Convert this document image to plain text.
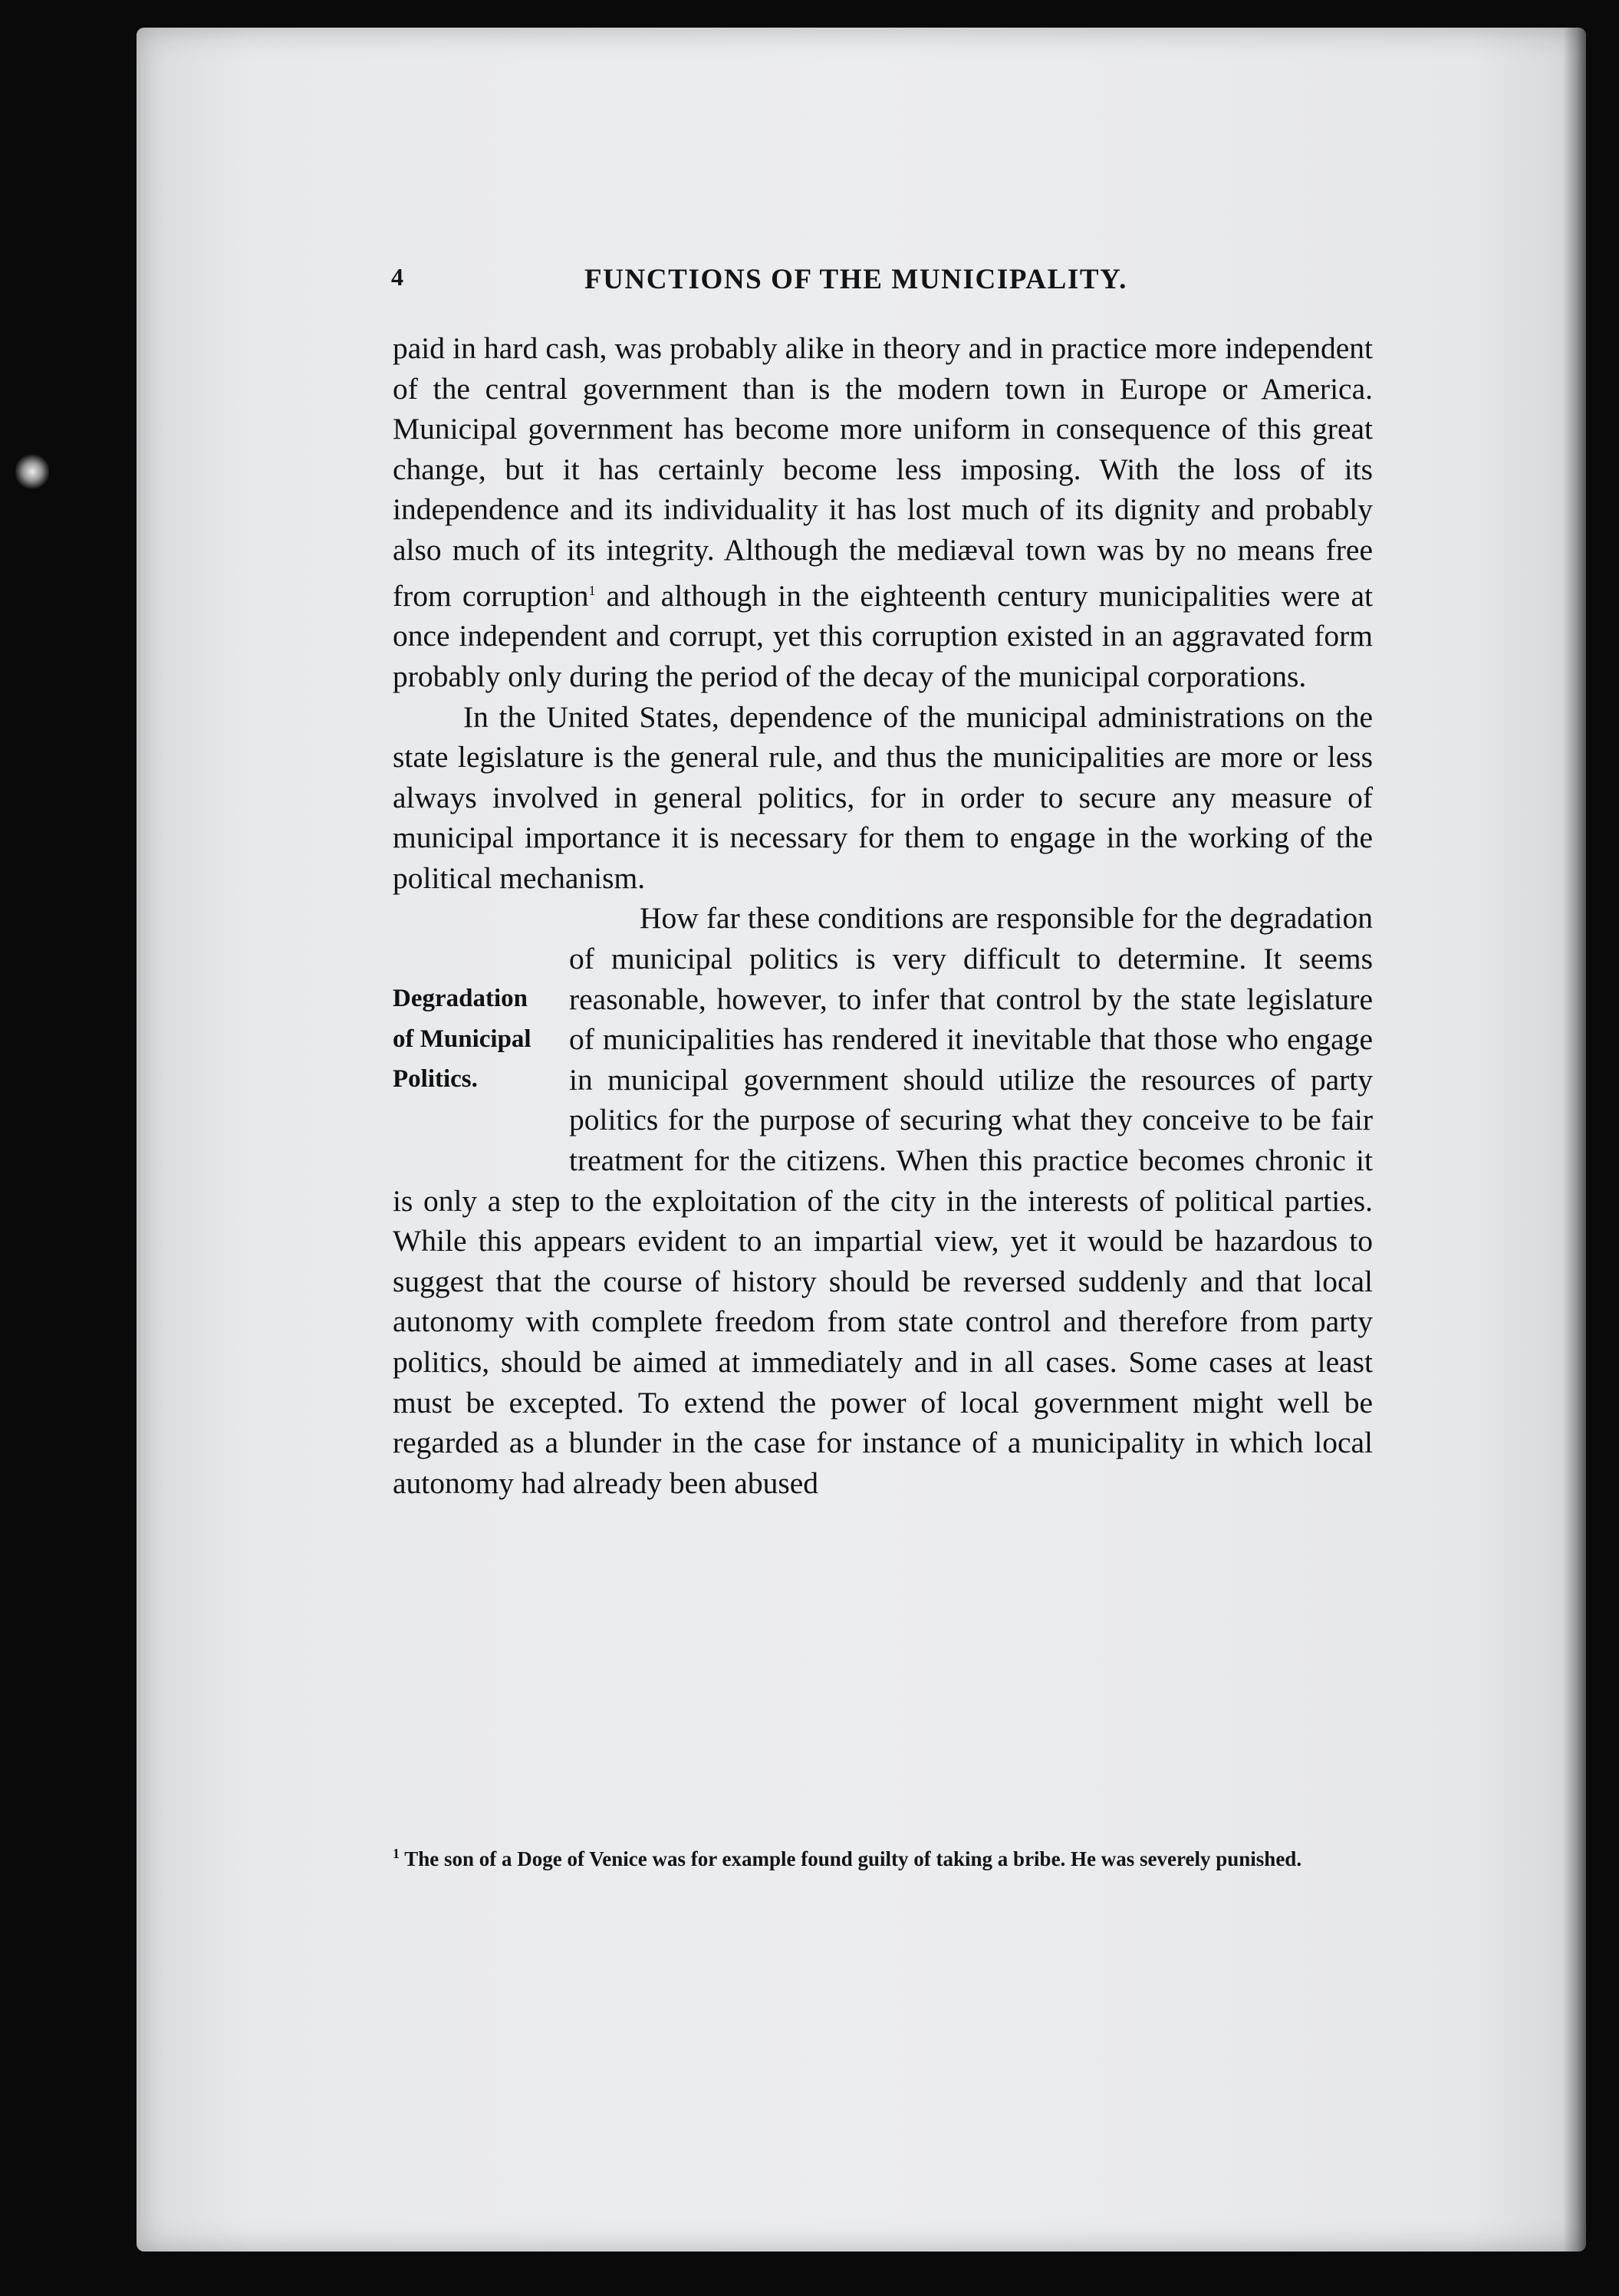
4	FUNCTIONS OF THE MUNICIPALITY.

paid in hard cash, was probably alike in theory and in practice more independent of the central government than is the modern town in Europe or America. Municipal government has become more uniform in consequence of this great change, but it has certainly become less imposing. With the loss of its independence and its individuality it has lost much of its dignity and probably also much of its integrity. Although the mediæval town was by no means free from corruption$^1$ and although in the eighteenth century municipalities were at once independent and corrupt, yet this corruption existed in an aggravated form probably only during the period of the decay of the municipal corporations.

In the United States, dependence of the municipal administrations on the state legislature is the general rule, and thus the municipalities are more or less always involved in general politics, for in order to secure any measure of municipal importance it is necessary for them to engage in the working of the political mechanism.

Degradation
of Municipal
Politics.
How far these conditions are responsible for the degradation of municipal politics is very difficult to determine. It seems reasonable, however, to infer that control by the state legislature of municipalities has rendered it inevitable that those who engage in municipal government should utilize the resources of party politics for the purpose of securing what they conceive to be fair treatment for the citizens. When this practice becomes chronic it is only a step to the exploitation of the city in the interests of political parties. While this appears evident to an impartial view, yet it would be hazardous to suggest that the course of history should be reversed suddenly and that local autonomy with complete freedom from state control and therefore from party politics, should be aimed at immediately and in all cases. Some cases at least must be excepted. To extend the power of local government might well be regarded as a blunder in the case for instance of a municipality in which local autonomy had already been abused

$^1$ The son of a Doge of Venice was for example found guilty of taking a bribe. He was severely punished.
